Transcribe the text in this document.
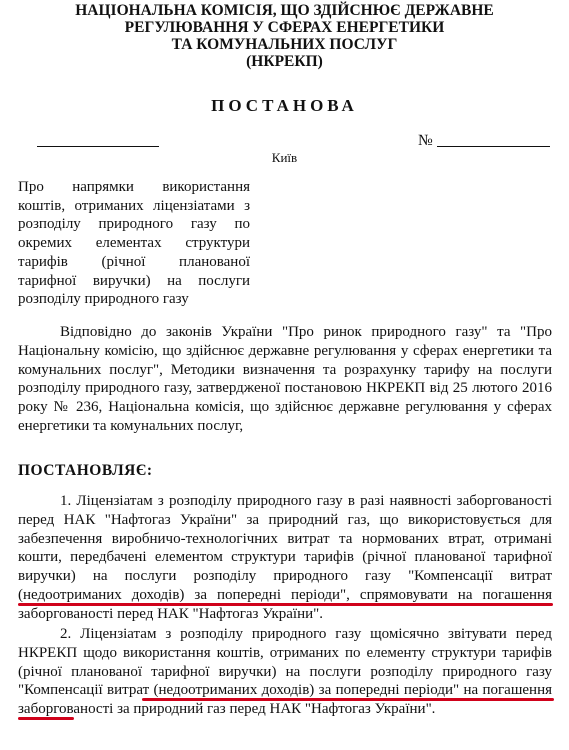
НАЦІОНАЛЬНА КОМІСІЯ, ЩО ЗДІЙСНЮЄ ДЕРЖАВНЕ
РЕГУЛЮВАННЯ У СФЕРАХ ЕНЕРГЕТИКИ
ТА КОМУНАЛЬНИХ ПОСЛУГ
(НКРЕКП)
ПОСТАНОВА
№
Київ
Про напрямки використання коштів, отриманих ліцензіатами з розподілу природного газу по окремих елементах структури тарифів (річної планованої тарифної виручки) на послуги розподілу природного газу
Відповідно до законів України "Про ринок природного газу" та "Про Національну комісію, що здійснює державне регулювання у сферах енергетики та комунальних послуг", Методики визначення та розрахунку тарифу на послуги розподілу природного газу, затвердженої постановою НКРЕКП від 25 лютого 2016 року № 236, Національна комісія, що здійснює державне регулювання у сферах енергетики та комунальних послуг,
ПОСТАНОВЛЯЄ:
1. Ліцензіатам з розподілу природного газу в разі наявності заборгованості перед НАК "Нафтогаз України" за природний газ, що використовується для забезпечення виробничо-технологічних витрат та нормованих втрат, отримані кошти, передбачені елементом структури тарифів (річної планованої тарифної виручки) на послуги розподілу природного газу "Компенсації витрат (недоотриманих доходів) за попередні періоди", спрямовувати на погашення заборгованості перед НАК "Нафтогаз України".
2. Ліцензіатам з розподілу природного газу щомісячно звітувати перед НКРЕКП щодо використання коштів, отриманих по елементу структури тарифів (річної планованої тарифної виручки) на послуги розподілу природного газу "Компенсації витрат (недоотриманих доходів) за попередні періоди" на погашення заборгованості за природний газ перед НАК "Нафтогаз України".
